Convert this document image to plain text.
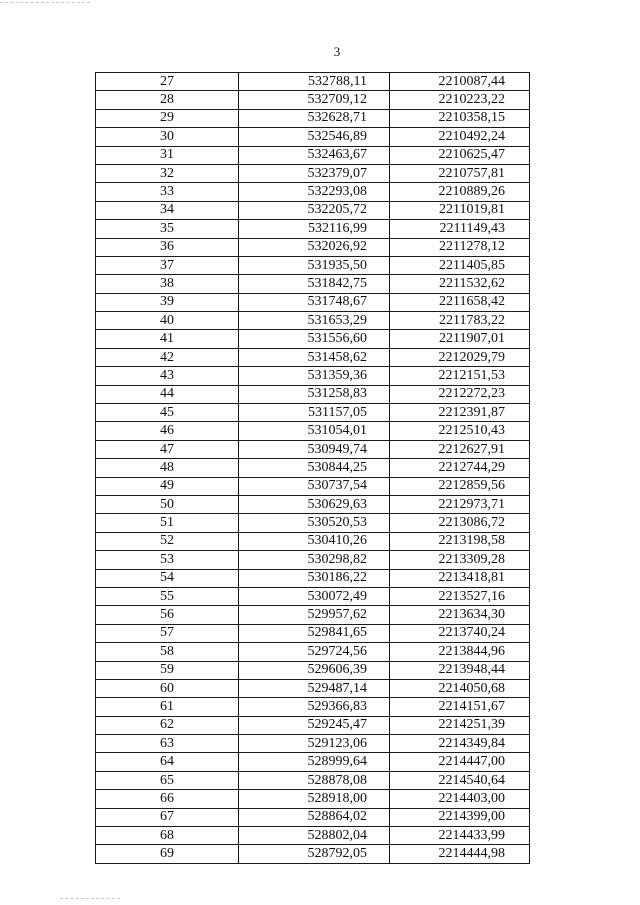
3
27	532788,11	2210087,44
28	532709,12	2210223,22
29	532628,71	2210358,15
30	532546,89	2210492,24
31	532463,67	2210625,47
32	532379,07	2210757,81
33	532293,08	2210889,26
34	532205,72	2211019,81
35	532116,99	2211149,43
36	532026,92	2211278,12
37	531935,50	2211405,85
38	531842,75	2211532,62
39	531748,67	2211658,42
40	531653,29	2211783,22
41	531556,60	2211907,01
42	531458,62	2212029,79
43	531359,36	2212151,53
44	531258,83	2212272,23
45	531157,05	2212391,87
46	531054,01	2212510,43
47	530949,74	2212627,91
48	530844,25	2212744,29
49	530737,54	2212859,56
50	530629,63	2212973,71
51	530520,53	2213086,72
52	530410,26	2213198,58
53	530298,82	2213309,28
54	530186,22	2213418,81
55	530072,49	2213527,16
56	529957,62	2213634,30
57	529841,65	2213740,24
58	529724,56	2213844,96
59	529606,39	2213948,44
60	529487,14	2214050,68
61	529366,83	2214151,67
62	529245,47	2214251,39
63	529123,06	2214349,84
64	528999,64	2214447,00
65	528878,08	2214540,64
66	528918,00	2214403,00
67	528864,02	2214399,00
68	528802,04	2214433,99
69	528792,05	2214444,98
